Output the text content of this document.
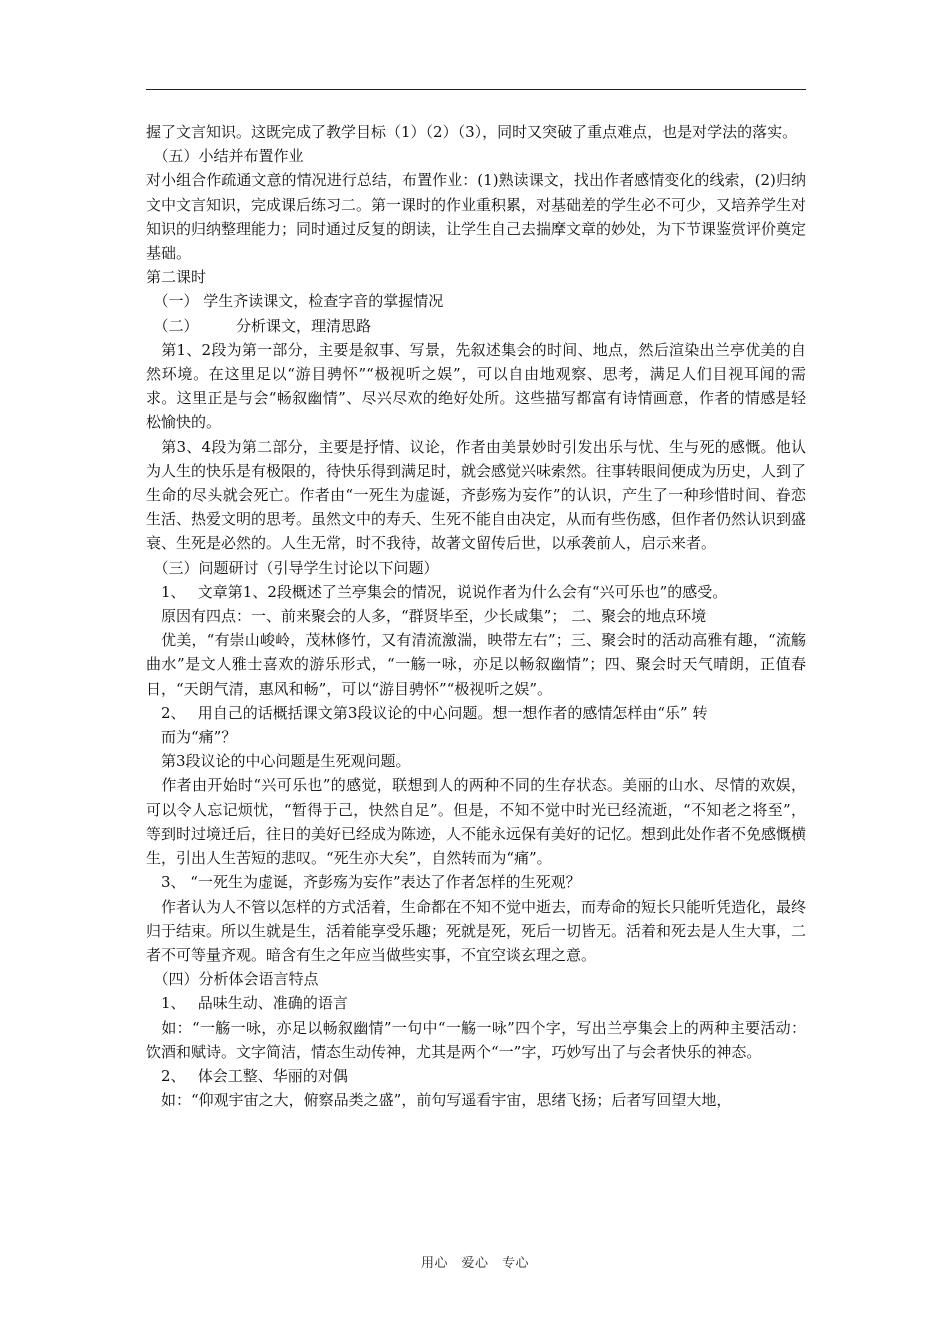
握了文言知识。这既完成了教学目标（1）（2）（3），同时又突破了重点难点，也是对学法的落实。

　（五）小结并布置作业

对小组合作疏通文意的情况进行总结，布置作业：(1)熟读课文，找出作者感情变化的线索，(2)归纳文中文言知识，完成课后练习二。第一课时的作业重积累，对基础差的学生必不可少，又培养学生对知识的归纳整理能力；同时通过反复的朗读，让学生自己去揣摩文章的妙处，为下节课鉴赏评价奠定基础。

第二课时

　（一） 学生齐读课文，检查字音的掌握情况

　（二）　　　分析课文，理清思路

　第1、2段为第一部分，主要是叙事、写景，先叙述集会的时间、地点，然后渲染出兰亭优美的自然环境。在这里足以“游目骋怀”“极视听之娱”，可以自由地观察、思考，满足人们目视耳闻的需求。这里正是与会“畅叙幽情”、尽兴尽欢的绝好处所。这些描写都富有诗情画意，作者的情感是轻松愉快的。

　第3、4段为第二部分，主要是抒情、议论，作者由美景妙时引发出乐与忧、生与死的感慨。他认为人生的快乐是有极限的，待快乐得到满足时，就会感觉兴味索然。往事转眼间便成为历史，人到了生命的尽头就会死亡。作者由“一死生为虚诞，齐彭殇为妄作”的认识，产生了一种珍惜时间、眷恋生活、热爱文明的思考。虽然文中的寿夭、生死不能自由决定，从而有些伤感，但作者仍然认识到盛衰、生死是必然的。人生无常，时不我待，故著文留传后世，以承袭前人，启示来者。

　（三）问题研讨（引导学生讨论以下问题）

　1、　 文章第1、2段概述了兰亭集会的情况，说说作者为什么会有“兴可乐也”的感受。

　原因有四点：一、前来聚会的人多，“群贤毕至，少长咸集”； 二、聚会的地点环境

　优美，“有崇山峻岭，茂林修竹，又有清流激湍，映带左右”；三、聚会时的活动高雅有趣，“流觞曲水”是文人雅士喜欢的游乐形式，“一觞一咏，亦足以畅叙幽情”；四、聚会时天气晴朗，正值春日，“天朗气清，惠风和畅”，可以“游目骋怀”“极视听之娱”。

　2、　 用自己的话概括课文第3段议论的中心问题。想一想作者的感情怎样由“乐” 转

　而为“痛”？

　第3段议论的中心问题是生死观问题。

　作者由开始时“兴可乐也”的感觉，联想到人的两种不同的生存状态。美丽的山水、尽情的欢娱，可以令人忘记烦忧，“暂得于己，快然自足”。但是，不知不觉中时光已经流逝，“不知老之将至”，等到时过境迁后，往日的美好已经成为陈迹，人不能永远保有美好的记忆。想到此处作者不免感慨横生，引出人生苦短的悲叹。“死生亦大矣”，自然转而为“痛”。

　3、 “一死生为虚诞，齐彭殇为妄作”表达了作者怎样的生死观？

　作者认为人不管以怎样的方式活着，生命都在不知不觉中逝去，而寿命的短长只能听凭造化，最终归于结束。所以生就是生，活着能享受乐趣；死就是死，死后一切皆无。活着和死去是人生大事，二者不可等量齐观。暗含有生之年应当做些实事，不宜空谈玄理之意。

　（四）分析体会语言特点

　1、　 品味生动、准确的语言

　如：“一觞一咏，亦足以畅叙幽情”一句中“一觞一咏”四个字，写出兰亭集会上的两种主要活动：饮酒和赋诗。文字简洁，情态生动传神，尤其是两个“一”字，巧妙写出了与会者快乐的神态。

　2、　 体会工整、华丽的对偶

　如：“仰观宇宙之大，俯察品类之盛”，前句写遥看宇宙，思绪飞扬；后者写回望大地，

用心　爱心　专心
